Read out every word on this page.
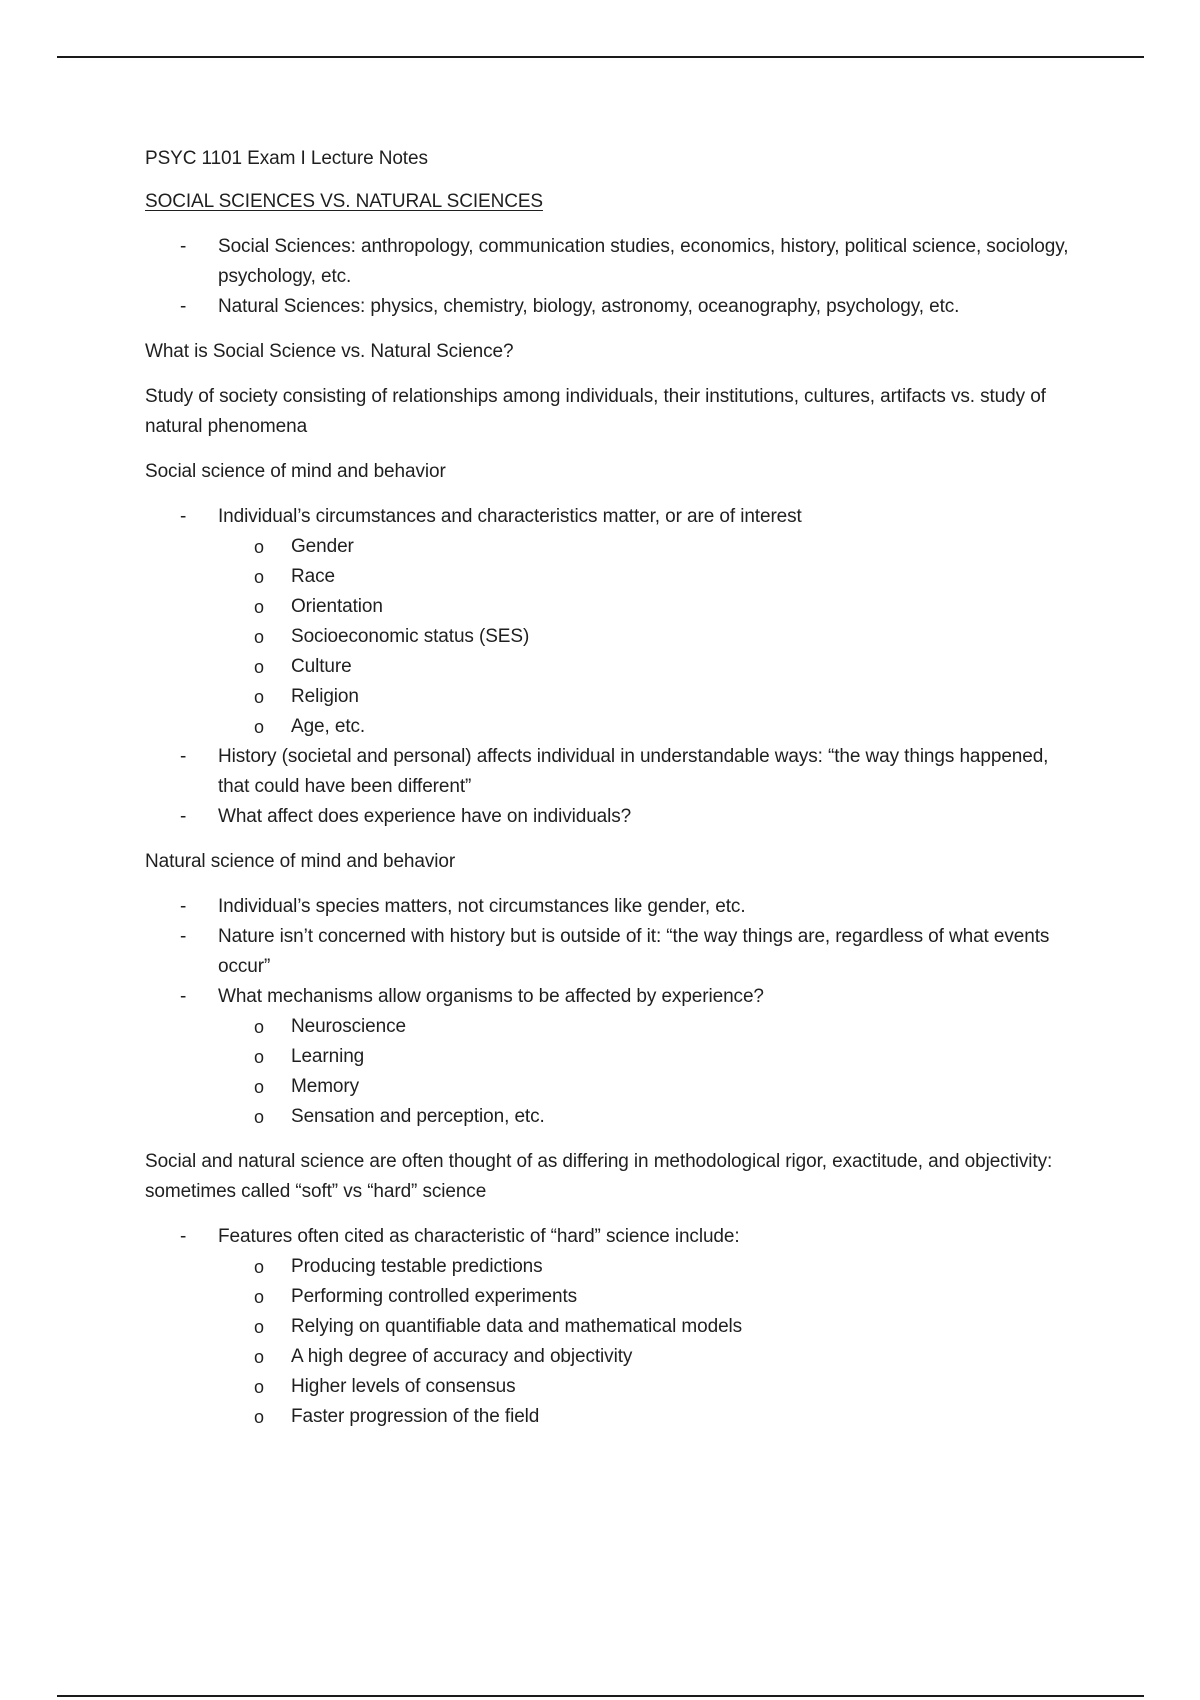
PSYC 1101 Exam I Lecture Notes

SOCIAL SCIENCES VS. NATURAL SCIENCES

- Social Sciences: anthropology, communication studies, economics, history, political science, sociology, psychology, etc.
- Natural Sciences: physics, chemistry, biology, astronomy, oceanography, psychology, etc.

What is Social Science vs. Natural Science?

Study of society consisting of relationships among individuals, their institutions, cultures, artifacts vs. study of natural phenomena

Social science of mind and behavior

- Individual’s circumstances and characteristics matter, or are of interest
o Gender
o Race
o Orientation
o Socioeconomic status (SES)
o Culture
o Religion
o Age, etc.
- History (societal and personal) affects individual in understandable ways: “the way things happened, that could have been different”
- What affect does experience have on individuals?

Natural science of mind and behavior

- Individual’s species matters, not circumstances like gender, etc.
- Nature isn’t concerned with history but is outside of it: “the way things are, regardless of what events occur”
- What mechanisms allow organisms to be affected by experience?
o Neuroscience
o Learning
o Memory
o Sensation and perception, etc.

Social and natural science are often thought of as differing in methodological rigor, exactitude, and objectivity: sometimes called “soft” vs “hard” science

- Features often cited as characteristic of “hard” science include:
o Producing testable predictions
o Performing controlled experiments
o Relying on quantifiable data and mathematical models
o A high degree of accuracy and objectivity
o Higher levels of consensus
o Faster progression of the field
